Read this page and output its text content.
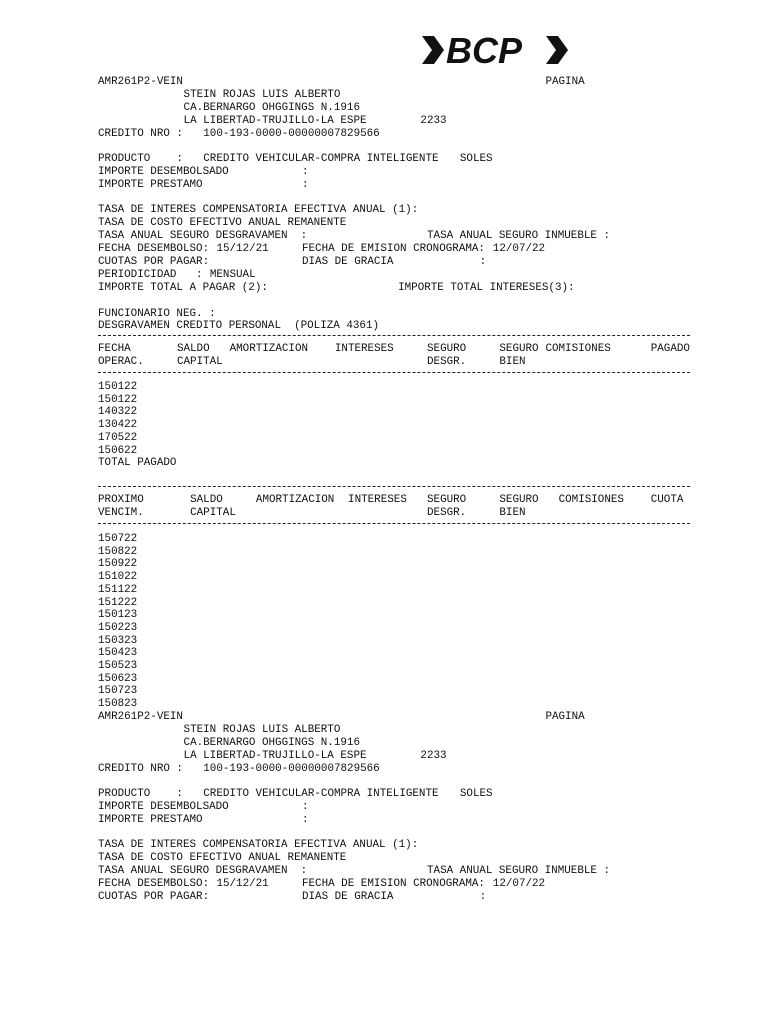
BCP
AMR261P2-VEIN	PAGINA
STEIN ROJAS LUIS ALBERTO
CA.BERNARGO OHGGINGS N.1916
LA LIBERTAD-TRUJILLO-LA ESPE	2233
CREDITO NRO : 100-193-0000-00000007829566
PRODUCTO    : CREDITO VEHICULAR-COMPRA INTELIGENTE SOLES
IMPORTE DESEMBOLSADO	:
IMPORTE PRESTAMO	:
TASA DE INTERES COMPENSATORIA EFECTIVA ANUAL (1):
TASA DE COSTO EFECTIVO ANUAL REMANENTE
TASA ANUAL SEGURO DESGRAVAMEN  :	TASA ANUAL SEGURO INMUEBLE :
FECHA DESEMBOLSO: 15/12/21	FECHA DE EMISION CRONOGRAMA: 12/07/22
CUOTAS POR PAGAR:	DIAS DE GRACIA	:
PERIODICIDAD   : MENSUAL
IMPORTE TOTAL A PAGAR (2):	IMPORTE TOTAL INTERESES(3):
FUNCIONARIO NEG. :
DESGRAVAMEN CREDITO PERSONAL  (POLIZA 4361)
FECHA	SALDO AMORTIZACION INTERESES	SEGURO	SEGURO COMISIONES	PAGADO
OPERAC.	CAPITAL	DESGR.	BIEN
150122
150122
140322
130422
170522
150622
TOTAL PAGADO
PROXIMO	SALDO	AMORTIZACION INTERESES SEGURO	SEGURO COMISIONES CUOTA
VENCIM.	CAPITAL	DESGR.	BIEN
150722
150822
150922
151022
151122
151222
150123
150223
150323
150423
150523
150623
150723
150823
AMR261P2-VEIN	PAGINA
STEIN ROJAS LUIS ALBERTO
CA.BERNARGO OHGGINGS N.1916
LA LIBERTAD-TRUJILLO-LA ESPE	2233
CREDITO NRO : 100-193-0000-00000007829566
PRODUCTO    : CREDITO VEHICULAR-COMPRA INTELIGENTE SOLES
IMPORTE DESEMBOLSADO	:
IMPORTE PRESTAMO	:
TASA DE INTERES COMPENSATORIA EFECTIVA ANUAL (1):
TASA DE COSTO EFECTIVO ANUAL REMANENTE
TASA ANUAL SEGURO DESGRAVAMEN  :	TASA ANUAL SEGURO INMUEBLE :
FECHA DESEMBOLSO: 15/12/21	FECHA DE EMISION CRONOGRAMA: 12/07/22
CUOTAS POR PAGAR:	DIAS DE GRACIA	:
